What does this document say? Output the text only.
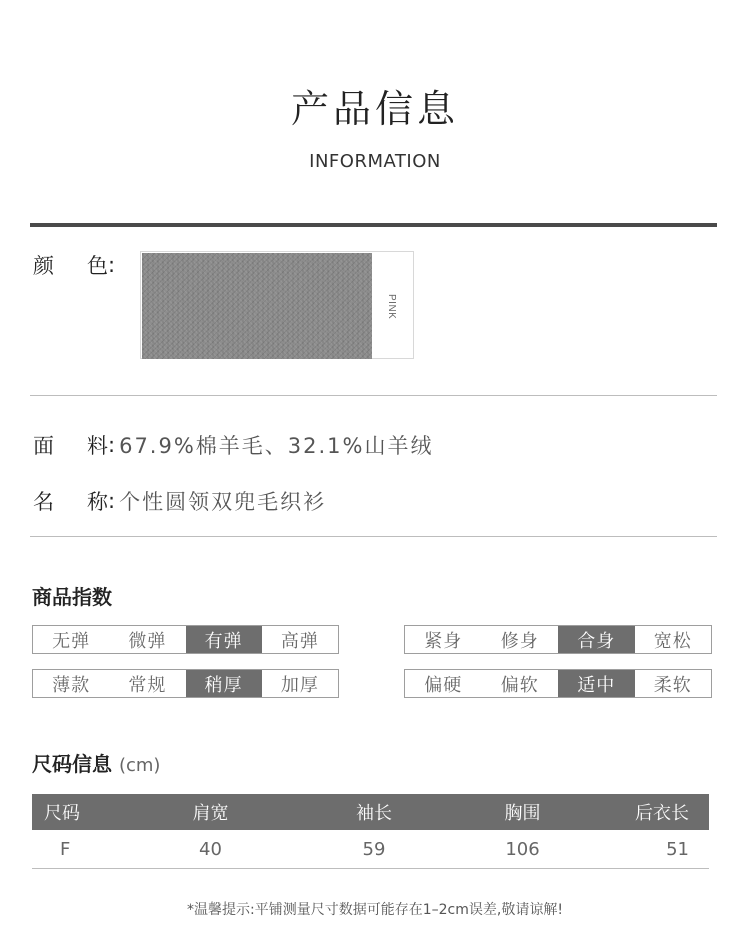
产品信息
INFORMATION
颜	色 :
PINK
面	料 : 67.9%棉羊毛、32.1%山羊绒
名	称 : 个性圆领双兜毛织衫
商品指数
无弹	微弹	有弹	高弹	紧身	修身	合身	宽松
薄款	常规	稍厚	加厚	偏硬	偏软	适中	柔软
尺码信息 (cm)
尺码	肩宽	袖长	胸围	后衣长
F	40	59	106	51
*温馨提示:平铺测量尺寸数据可能存在1–2cm误差,敬请谅解!
